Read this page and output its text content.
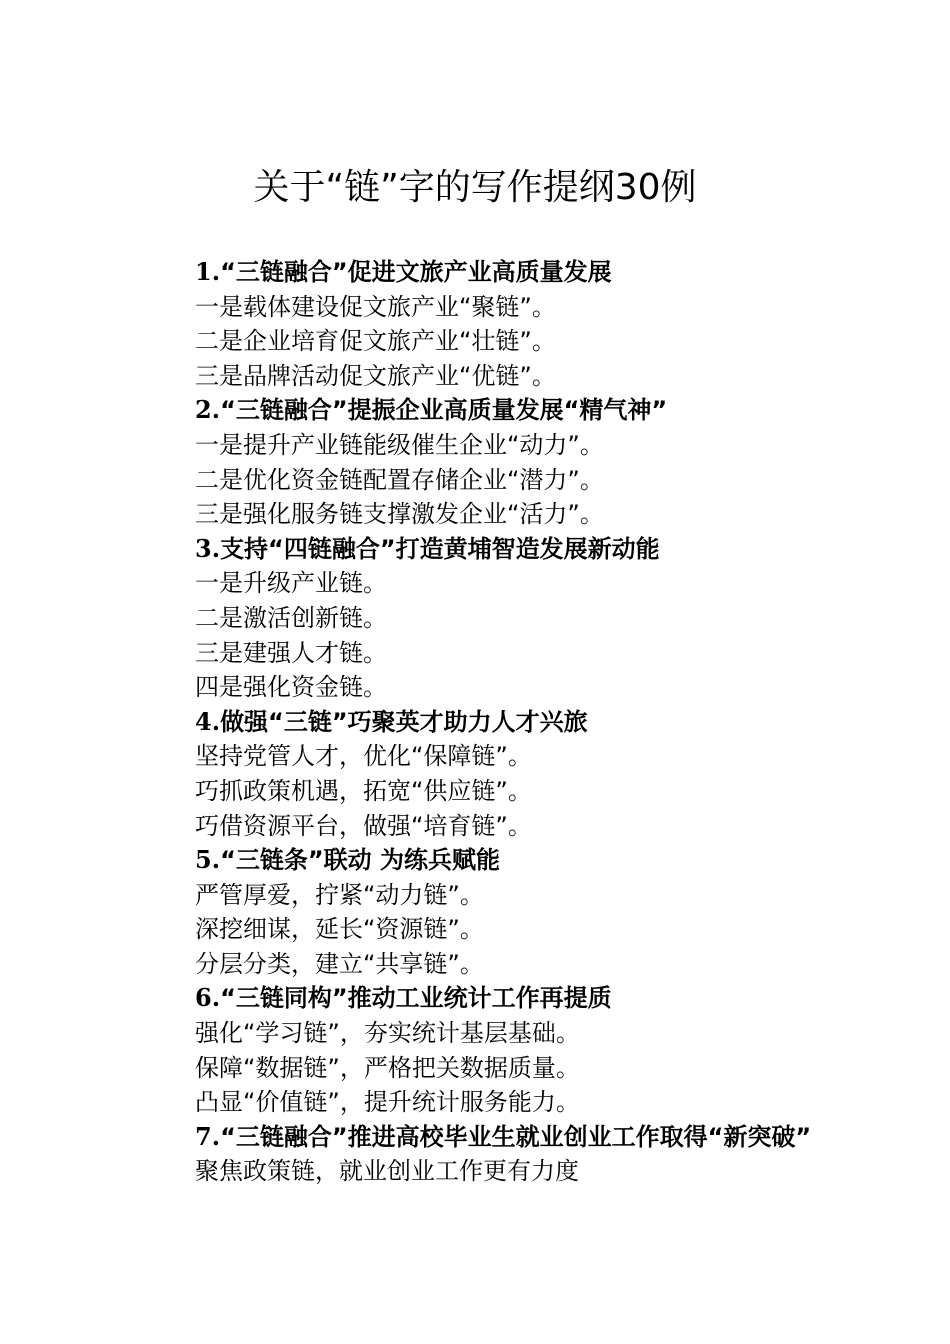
关于“链”字的写作提纲30例
1.“三链融合”促进文旅产业高质量发展
一是载体建设促文旅产业“聚链”。
二是企业培育促文旅产业“壮链”。
三是品牌活动促文旅产业“优链”。
2.“三链融合”提振企业高质量发展“精气神”
一是提升产业链能级催生企业“动力”。
二是优化资金链配置存储企业“潜力”。
三是强化服务链支撑激发企业“活力”。
3.支持“四链融合”打造黄埔智造发展新动能
一是升级产业链。
二是激活创新链。
三是建强人才链。
四是强化资金链。
4.做强“三链”巧聚英才助力人才兴旅
坚持党管人才，优化“保障链”。
巧抓政策机遇，拓宽“供应链”。
巧借资源平台，做强“培育链”。
5.“三链条”联动 为练兵赋能
严管厚爱，拧紧“动力链”。
深挖细谋，延长“资源链”。
分层分类，建立“共享链”。
6.“三链同构”推动工业统计工作再提质
强化“学习链”，夯实统计基层基础。
保障“数据链”，严格把关数据质量。
凸显“价值链”，提升统计服务能力。
7.“三链融合”推进高校毕业生就业创业工作取得“新突破”
聚焦政策链，就业创业工作更有力度
